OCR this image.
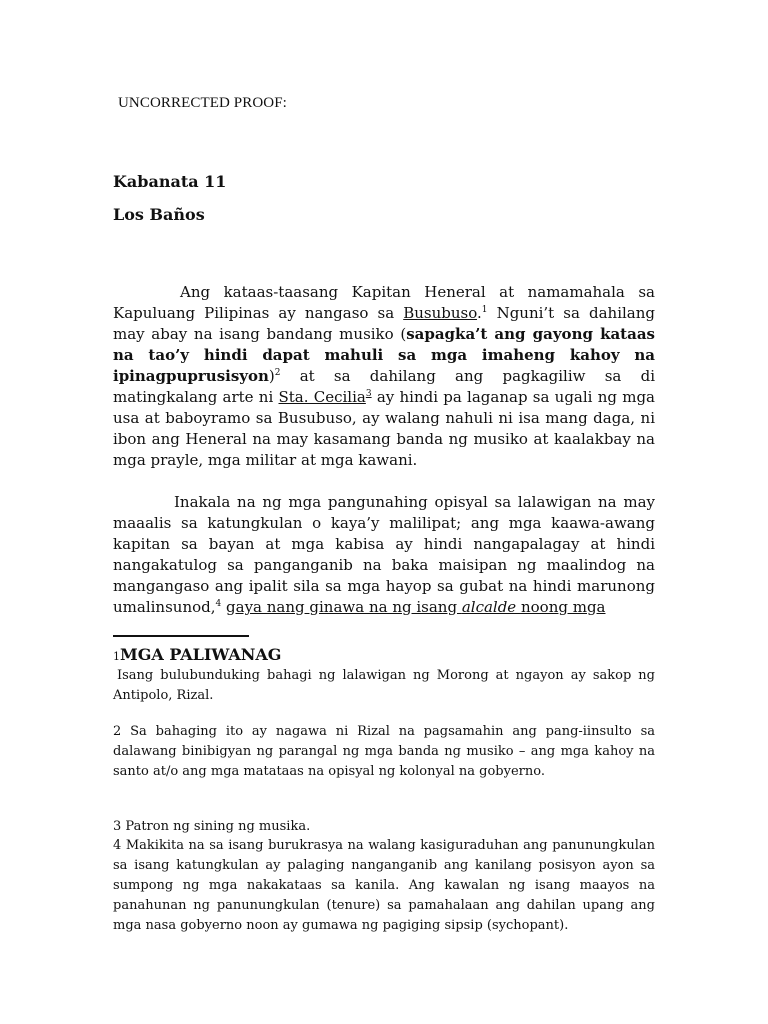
UNCORRECTED PROOF:
Kabanata 11
Los Baños

Ang kataas-taasang Kapitan Heneral at namamahala sa Kapuluang Pilipinas ay nangaso sa Busubuso.$^1$ Nguni’t sa dahilang may abay na isang bandang musiko (sapagka’t ang gayong kataas na tao’y hindi dapat mahuli sa mga imaheng kahoy na ipinagpuprusisyon)$^2$ at sa dahilang ang pagkagiliw sa di matingkalang arte ni Sta. Cecilia$^3$ ay hindi pa laganap sa ugali ng mga usa at baboyramo sa Busubuso, ay walang nahuli ni isa mang daga, ni ibon ang Heneral na may kasamang banda ng musiko at kaalakbay na mga prayle, mga militar at mga kawani.

Inakala na ng mga pangunahing opisyal sa lalawigan na may maaalis sa katungkulan o kaya’y malilipat; ang mga kaawa-awang kapitan sa bayan at mga kabisa ay hindi nangapalagay at hindi nangakatulog sa panganganib na baka maisipan ng maalindog na mangangaso ang ipalit sila sa mga hayop sa gubat na hindi marunong umalinsunod,$^4$ gaya nang ginawa na ng isang alcalde noong mga

1MGA PALIWANAG

Isang bulubunduking bahagi ng lalawigan ng Morong at ngayon ay sakop ng Antipolo, Rizal.

2 Sa bahaging ito ay nagawa ni Rizal na pagsamahin ang pang-iinsulto sa dalawang binibigyan ng parangal ng mga banda ng musiko – ang mga kahoy na santo at/o ang mga matataas na opisyal ng kolonyal na gobyerno.

3 Patron ng sining ng musika.

4 Makikita na sa isang burukrasya na walang kasiguraduhan ang panunungkulan sa isang katungkulan ay palaging nanganganib ang kanilang posisyon ayon sa sumpong ng mga nakakataas sa kanila. Ang kawalan ng isang maayos na panahunan ng panunungkulan (tenure) sa pamahalaan ang dahilan upang ang mga nasa gobyerno noon ay gumawa ng pagiging sipsip (sychopant).
